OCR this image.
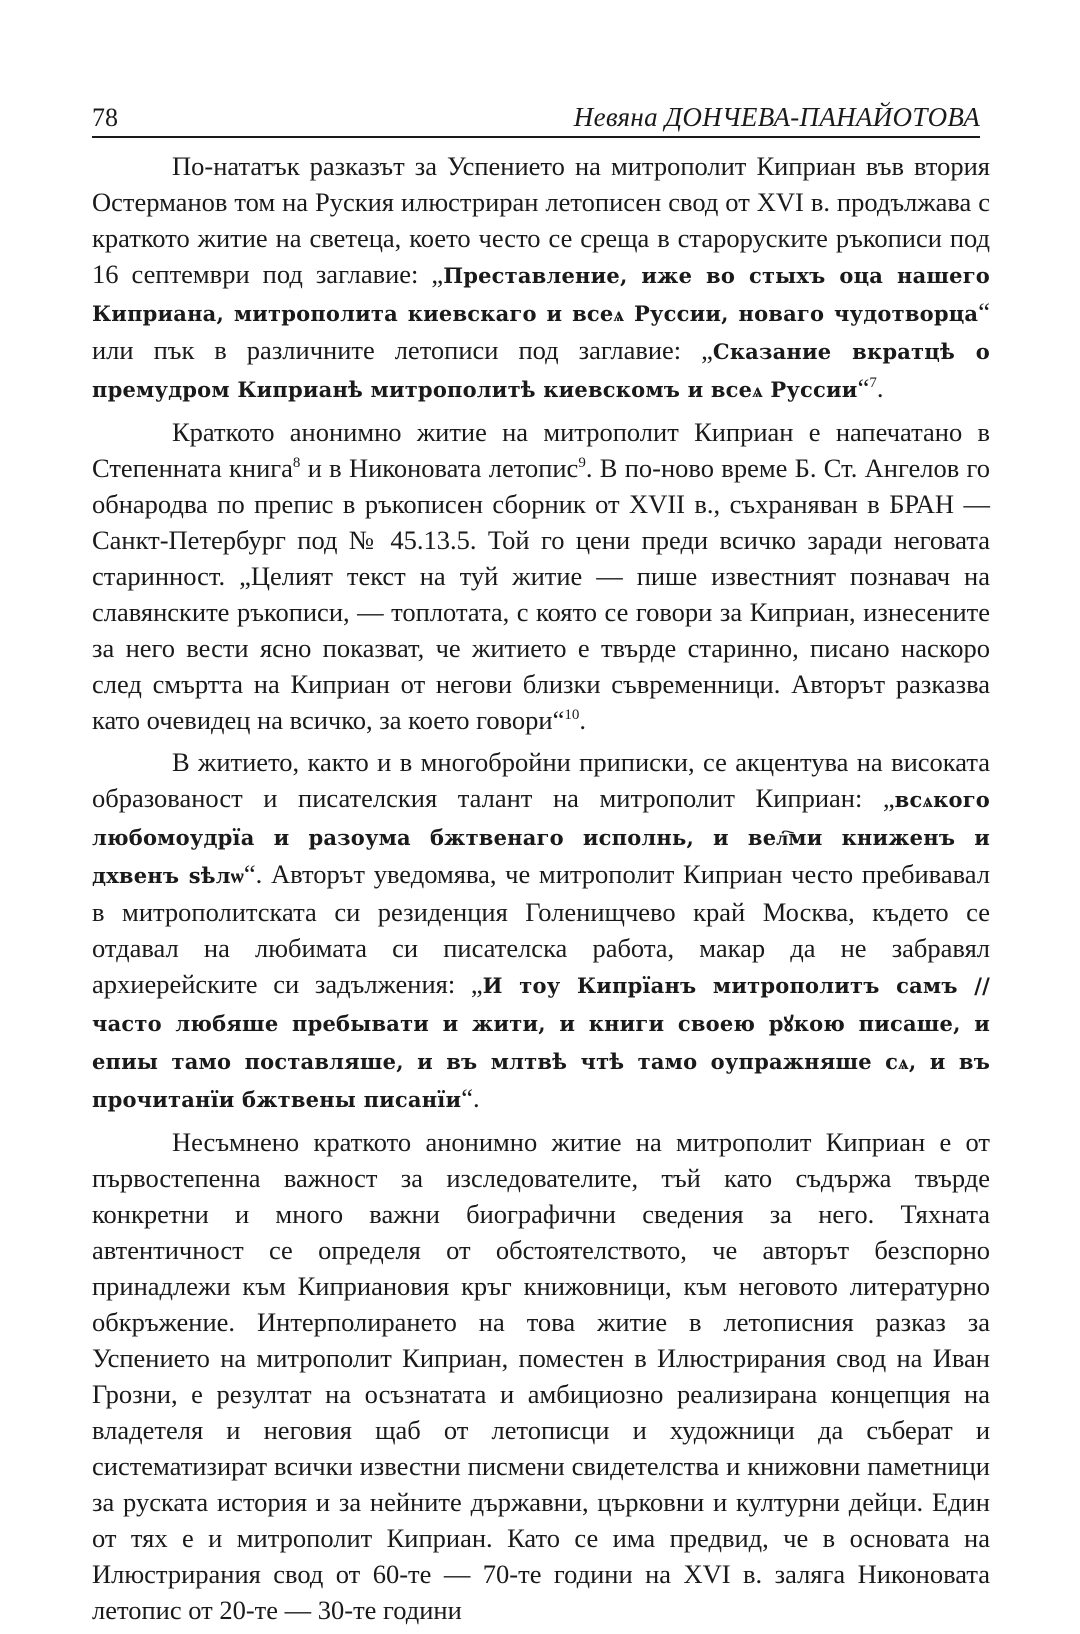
78	Невяна ДОНЧЕВА-ПАНАЙОТОВА

По-нататък разказът за Успението на митрополит Киприан във втория Остерманов том на Руския илюстриран летописен свод от XVI в. продължава с краткото житие на светеца, което често се среща в староруските ръкописи под 16 септември под заглавие: „Преставление, иже во стыхъ оца нашего Киприана, митрополита киевскаго и всеѧ Руссии, новаго чудотворца“ или пък в различните летописи под заглавие: „Сказание вкратцѣ о премудром Киприанѣ митрополитѣ киевскомъ и всеѧ Руссии“$^7$.

Краткото анонимно житие на митрополит Киприан е напечатано в Степенната книга$^8$ и в Никоновата летопис$^9$. В по-ново време Б. Ст. Ангелов го обнародва по препис в ръкописен сборник от XVII в., съхраняван в БРАН — Санкт-Петербург под № 45.13.5. Той го цени преди всичко заради неговата старинност. „Целият текст на туй житие — пише известният познавач на славянските ръкописи, — топлотата, с която се говори за Киприан, изнесените за него вести ясно показват, че житието е твърде старинно, писано наскоро след смъртта на Киприан от негови близки съвременници. Авторът разказва като очевидец на всичко, за което говори“$^{10}$.

В житието, както и в многобройни приписки, се акцентува на високата образованост и писателския талант на митрополит Киприан: „всѧкого любомоудрїа и разоума бжтвенаго исполнь, и вел҇ми книженъ и дхвенъ ѕѣлѡ“. Авторът уведомява, че митрополит Киприан често пребивавал в митрополитската си резиденция Голенищчево край Москва, където се отдавал на любимата си писателска работа, макар да не забравял архиерейските си задължения: „И тоу Кипрїанъ митрополитъ самъ // часто любяше пребывати и жити, и книги своею рꙋкою писаше, и епиы тамо поставляше, и въ млтвѣ чтѣ тамо оупражняше сѧ, и въ прочитанїи бжтвены писанїи“.

Несъмнено краткото анонимно житие на митрополит Киприан е от първостепенна важност за изследователите, тъй като съдържа твърде конкретни и много важни биографични сведения за него. Тяхната автентичност се определя от обстоятелството, че авторът безспорно принадлежи към Киприановия кръг книжовници, към неговото литературно обкръжение. Интерполирането на това житие в летописния разказ за Успението на митрополит Киприан, поместен в Илюстрирания свод на Иван Грозни, е резултат на осъзнатата и амбициозно реализирана концепция на владетеля и неговия щаб от летописци и художници да съберат и систематизират всички известни писмени свидетелства и книжовни паметници за руската история и за нейните държавни, църковни и културни дейци. Един от тях е и митрополит Киприан. Като се има предвид, че в основата на Илюстрирания свод от 60-те — 70-те години на XVI в. заляга Никоновата летопис от 20-те — 30-те години
